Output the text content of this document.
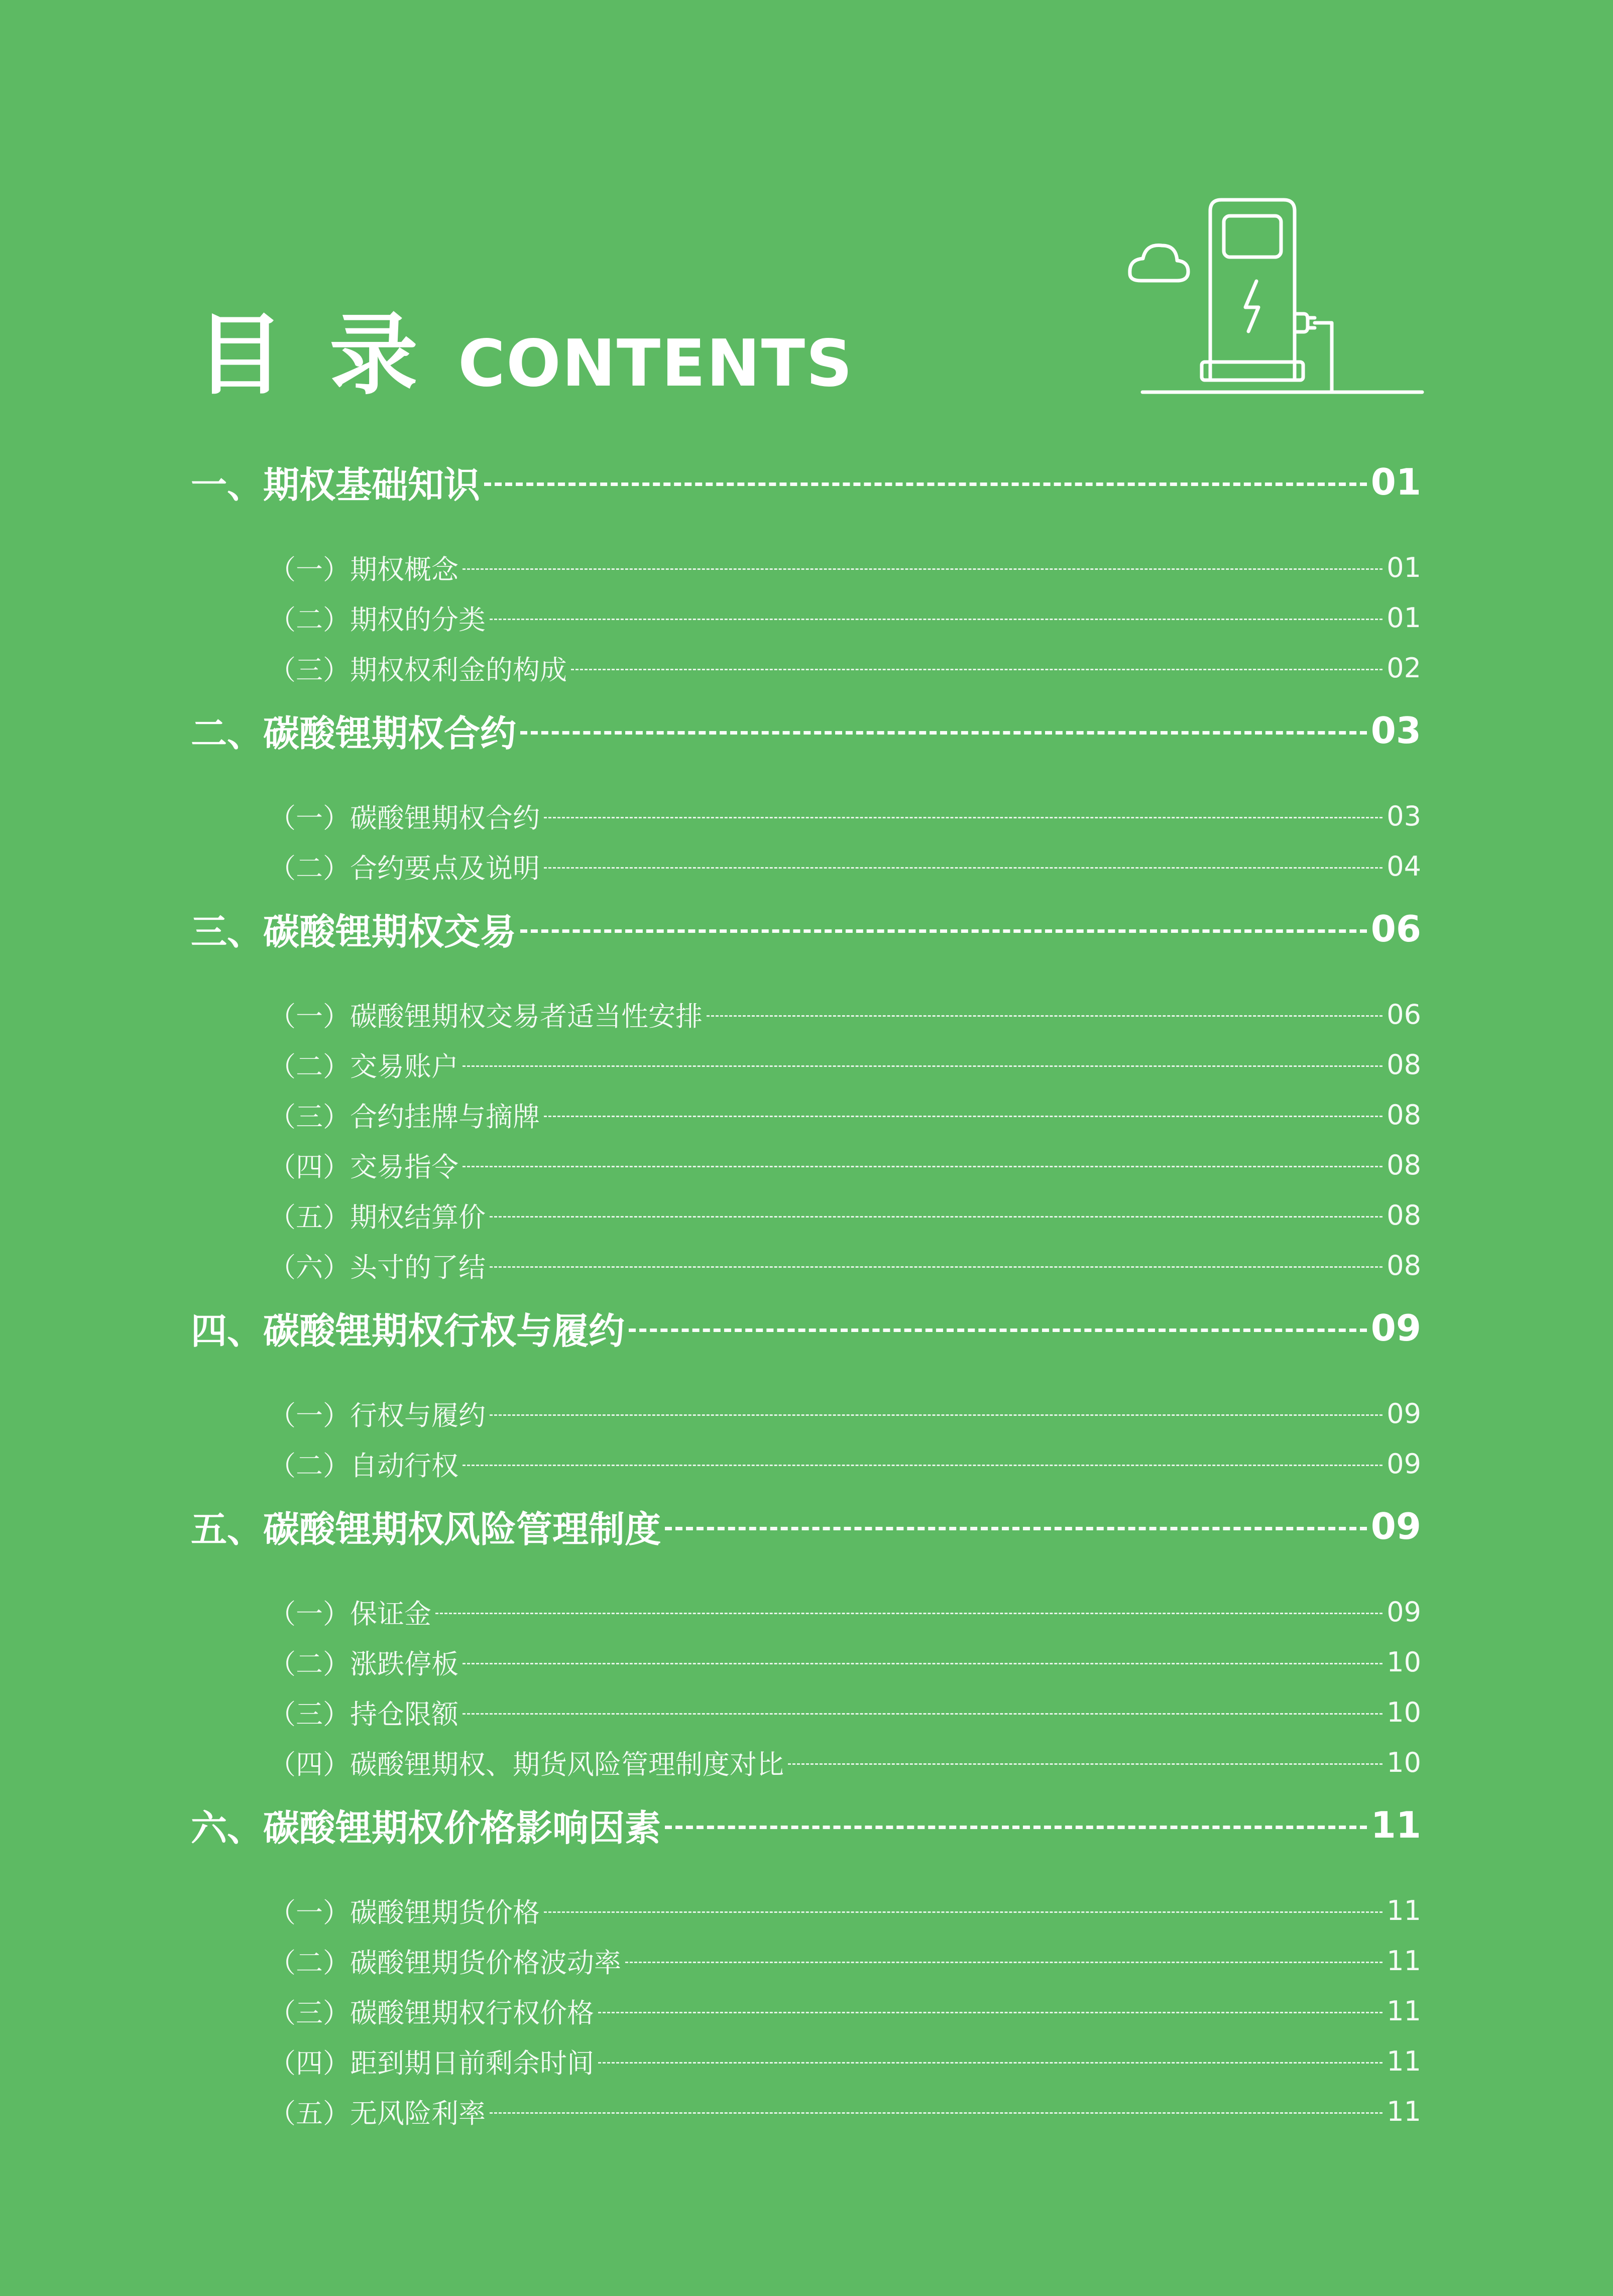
目录
CONTENTS
一、期权基础知识	01
（一）期权概念	01
（二）期权的分类	01
（三）期权权利金的构成	02
二、碳酸锂期权合约	03
（一）碳酸锂期权合约	03
（二）合约要点及说明	04
三、碳酸锂期权交易	06
（一）碳酸锂期权交易者适当性安排	06
（二）交易账户	08
（三）合约挂牌与摘牌	08
（四）交易指令	08
（五）期权结算价	08
（六）头寸的了结	08
四、碳酸锂期权行权与履约	09
（一）行权与履约	09
（二）自动行权	09
五、碳酸锂期权风险管理制度	09
（一）保证金	09
（二）涨跌停板	10
（三）持仓限额	10
（四）碳酸锂期权、期货风险管理制度对比	10
六、碳酸锂期权价格影响因素	11
（一）碳酸锂期货价格	11
（二）碳酸锂期货价格波动率	11
（三）碳酸锂期权行权价格	11
（四）距到期日前剩余时间	11
（五）无风险利率	11
